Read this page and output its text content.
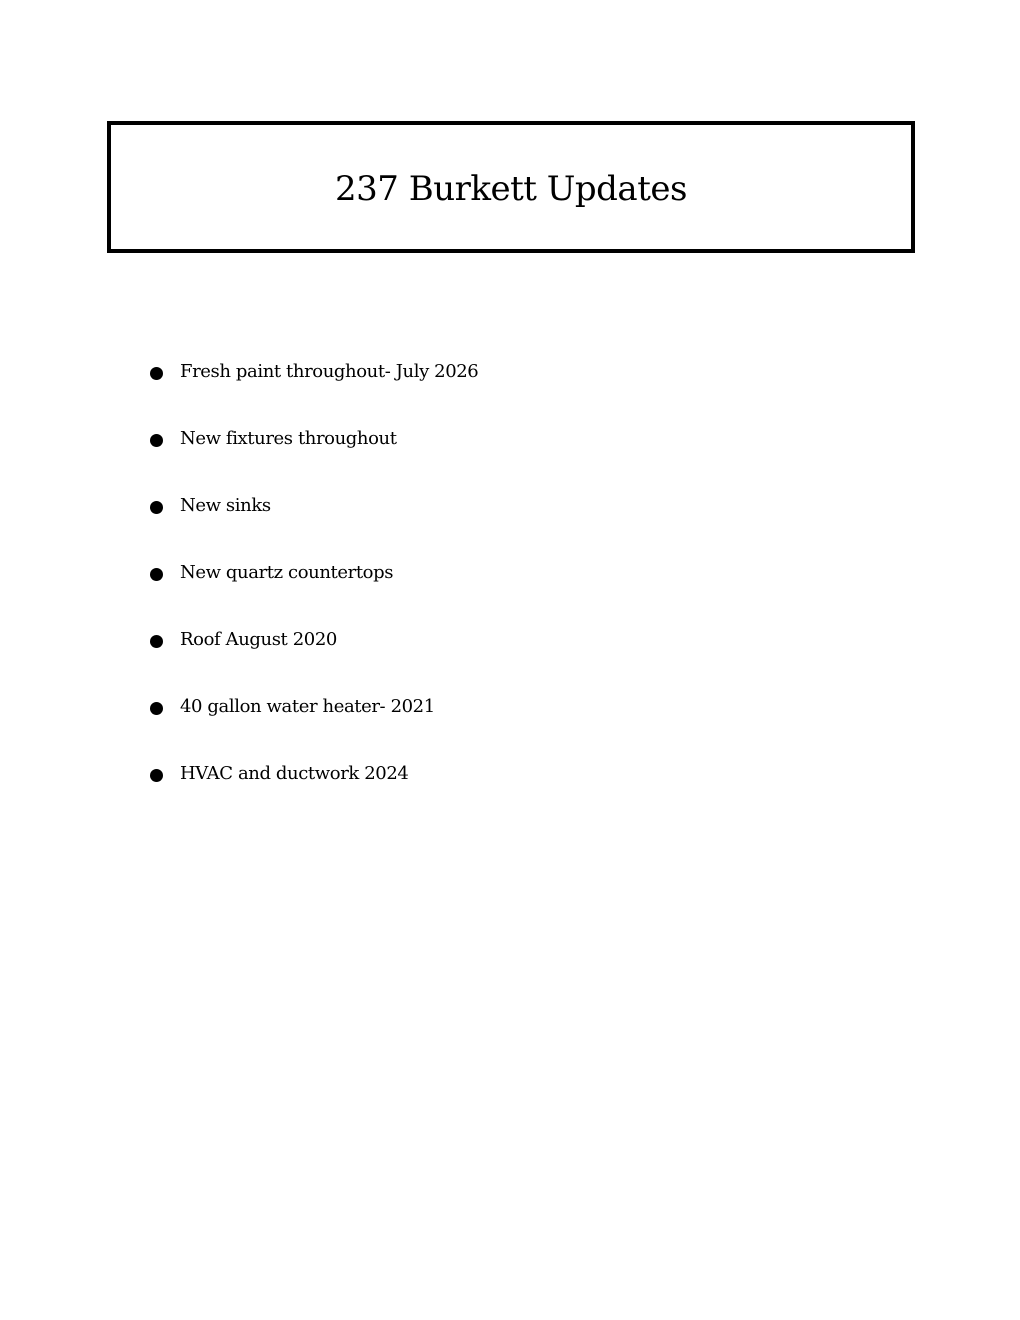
237 Burkett Updates
Fresh paint throughout- July 2026
New fixtures throughout
New sinks
New quartz countertops
Roof August 2020
40 gallon water heater- 2021
HVAC and ductwork 2024
